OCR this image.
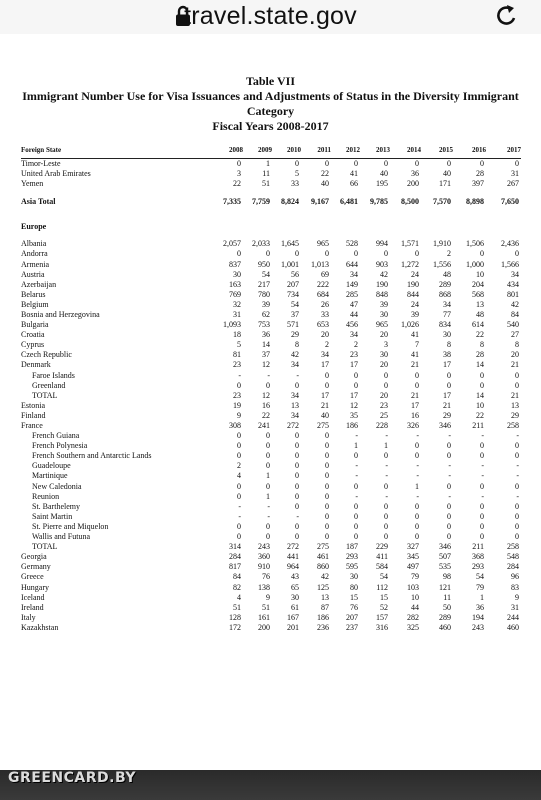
travel.state.gov
Table VII
Immigrant Number Use for Visa Issuances and Adjustments of Status in the Diversity Immigrant
Category
Fiscal Years 2008-2017
Foreign State	2008	2009	2010	2011	2012	2013	2014	2015	2016	2017
Timor-Leste	0	1	0	0	0	0	0	0	0	0
United Arab Emirates	3	11	5	22	41	40	36	40	28	31
Yemen	22	51	33	40	66	195	200	171	397	267
Asia Total	7,335	7,759	8,824	9,167	6,481	9,785	8,500	7,570	8,898	7,650
Europe										
Albania	2,057	2,033	1,645	965	528	994	1,571	1,910	1,506	2,436
Andorra	0	0	0	0	0	0	0	2	0	0
Armenia	837	950	1,001	1,013	644	903	1,272	1,556	1,000	1,566
Austria	30	54	56	69	34	42	24	48	10	34
Azerbaijan	163	217	207	222	149	190	190	289	204	434
Belarus	769	780	734	684	285	848	844	868	568	801
Belgium	32	39	54	26	47	39	24	34	13	42
Bosnia and Herzegovina	31	62	37	33	44	30	39	77	48	84
Bulgaria	1,093	753	571	653	456	965	1,026	834	614	540
Croatia	18	36	29	20	34	20	41	30	22	27
Cyprus	5	14	8	2	2	3	7	8	8	8
Czech Republic	81	37	42	34	23	30	41	38	28	20
Denmark	23	12	34	17	17	20	21	17	14	21
Faroe Islands	-	-	-	0	0	0	0	0	0	0
Greenland	0	0	0	0	0	0	0	0	0	0
TOTAL	23	12	34	17	17	20	21	17	14	21
Estonia	19	16	13	21	12	23	17	21	10	13
Finland	9	22	34	40	35	25	16	29	22	29
France	308	241	272	275	186	228	326	346	211	258
French Guiana	0	0	0	0	-	-	-	-	-	-
French Polynesia	0	0	0	0	1	1	0	0	0	0
French Southern and Antarctic Lands	0	0	0	0	0	0	0	0	0	0
Guadeloupe	2	0	0	0	-	-	-	-	-	-
Martinique	4	1	0	0	-	-	-	-	-	-
New Caledonia	0	0	0	0	0	0	1	0	0	0
Reunion	0	1	0	0	-	-	-	-	-	-
St. Barthelemy	-	-	0	0	0	0	0	0	0	0
Saint Martin	-	-	-	0	0	0	0	0	0	0
St. Pierre and Miquelon	0	0	0	0	0	0	0	0	0	0
Wallis and Futuna	0	0	0	0	0	0	0	0	0	0
TOTAL	314	243	272	275	187	229	327	346	211	258
Georgia	284	360	441	461	293	411	345	507	368	548
Germany	817	910	964	860	595	584	497	535	293	284
Greece	84	76	43	42	30	54	79	98	54	96
Hungary	82	138	65	125	80	112	103	121	79	83
Iceland	4	9	30	13	15	15	10	11	1	9
Ireland	51	51	61	87	76	52	44	50	36	31
Italy	128	161	167	186	207	157	282	289	194	244
Kazakhstan	172	200	201	236	237	316	325	460	243	460
GREENCARD.BY
